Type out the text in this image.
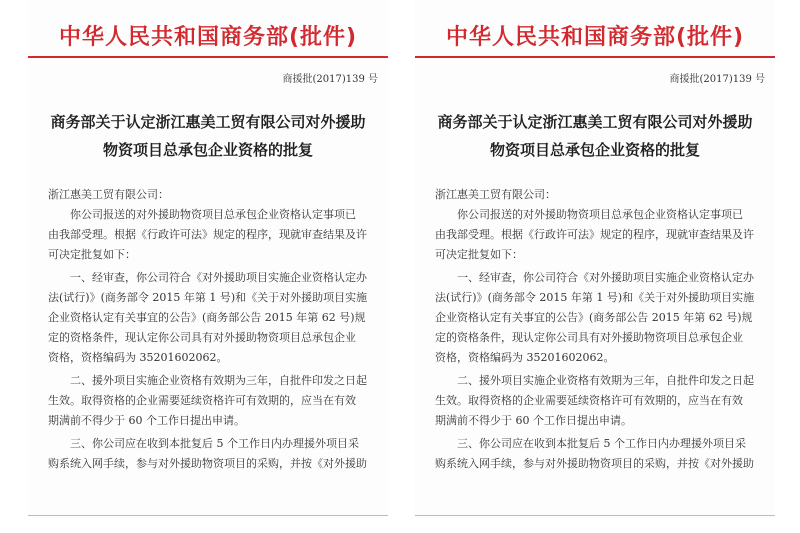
中华人民共和国商务部(批件)
商援批(2017)139 号
商务部关于认定浙江惠美工贸有限公司对外援助
物资项目总承包企业资格的批复

浙江惠美工贸有限公司：

你公司报送的对外援助物资项目总承包企业资格认定事项已

由我部受理。根据《行政许可法》规定的程序，现就审查结果及许

可决定批复如下：

一、经审查，你公司符合《对外援助项目实施企业资格认定办

法(试行)》(商务部令 2015 年第 1 号)和《关于对外援助项目实施

企业资格认定有关事宜的公告》(商务部公告 2015 年第 62 号)规

定的资格条件，现认定你公司具有对外援助物资项目总承包企业

资格，资格编码为 35201602062。

二、援外项目实施企业资格有效期为三年，自批件印发之日起

生效。取得资格的企业需要延续资格许可有效期的，应当在有效

期满前不得少于 60 个工作日提出申请。

三、你公司应在收到本批复后 5 个工作日内办理援外项目采

购系统入网手续，参与对外援助物资项目的采购，并按《对外援助

中华人民共和国商务部(批件)
商援批(2017)139 号
商务部关于认定浙江惠美工贸有限公司对外援助
物资项目总承包企业资格的批复

浙江惠美工贸有限公司：

你公司报送的对外援助物资项目总承包企业资格认定事项已

由我部受理。根据《行政许可法》规定的程序，现就审查结果及许

可决定批复如下：

一、经审查，你公司符合《对外援助项目实施企业资格认定办

法(试行)》(商务部令 2015 年第 1 号)和《关于对外援助项目实施

企业资格认定有关事宜的公告》(商务部公告 2015 年第 62 号)规

定的资格条件，现认定你公司具有对外援助物资项目总承包企业

资格，资格编码为 35201602062。

二、援外项目实施企业资格有效期为三年，自批件印发之日起

生效。取得资格的企业需要延续资格许可有效期的，应当在有效

期满前不得少于 60 个工作日提出申请。

三、你公司应在收到本批复后 5 个工作日内办理援外项目采

购系统入网手续，参与对外援助物资项目的采购，并按《对外援助
